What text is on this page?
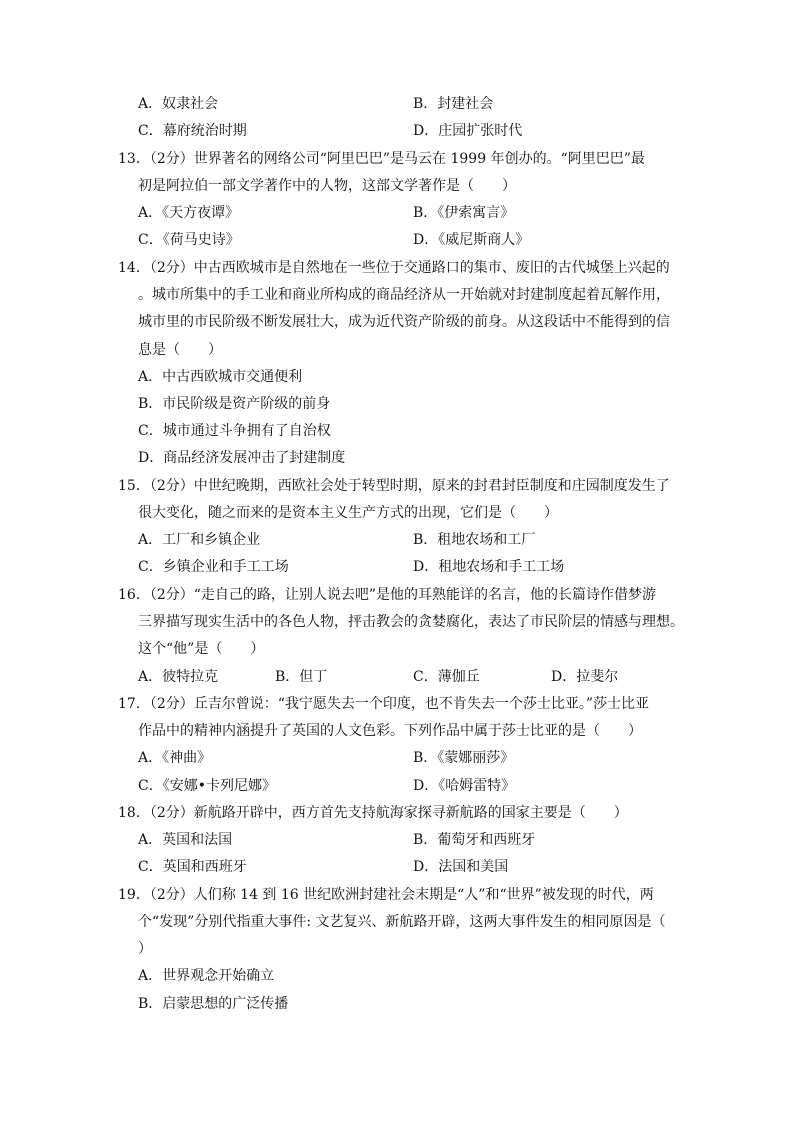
A．奴隶社会	B．封建社会
C．幕府统治时期	D．庄园扩张时代
13．（2分）世界著名的网络公司“阿里巴巴”是马云在 1999 年创办的。“阿里巴巴”最
初是阿拉伯一部文学著作中的人物，这部文学著作是（　　）
A．《天方夜谭》	B．《伊索寓言》
C．《荷马史诗》	D．《威尼斯商人》
14．（2分）中古西欧城市是自然地在一些位于交通路口的集市、废旧的古代城堡上兴起的
。城市所集中的手工业和商业所构成的商品经济从一开始就对封建制度起着瓦解作用，
城市里的市民阶级不断发展壮大，成为近代资产阶级的前身。从这段话中不能得到的信
息是（　　）
A．中古西欧城市交通便利
B．市民阶级是资产阶级的前身
C．城市通过斗争拥有了自治权
D．商品经济发展冲击了封建制度
15．（2分）中世纪晚期，西欧社会处于转型时期，原来的封君封臣制度和庄园制度发生了
很大变化，随之而来的是资本主义生产方式的出现，它们是（　　）
A．工厂和乡镇企业	B．租地农场和工厂
C．乡镇企业和手工工场	D．租地农场和手工工场
16．（2分）“走自己的路，让别人说去吧”是他的耳熟能详的名言，他的长篇诗作借梦游
三界描写现实生活中的各色人物，抨击教会的贪婪腐化，表达了市民阶层的情感与理想。
这个“他”是（　　）
A．彼特拉克	B．但丁	C．薄伽丘	D．拉斐尔
17．（2分）丘吉尔曾说：“我宁愿失去一个印度，也不肯失去一个莎士比亚。”莎士比亚
作品中的精神内涵提升了英国的人文色彩。下列作品中属于莎士比亚的是（　　）
A．《神曲》	B．《蒙娜丽莎》
C．《安娜•卡列尼娜》	D．《哈姆雷特》
18．（2分）新航路开辟中，西方首先支持航海家探寻新航路的国家主要是（　　）
A．英国和法国	B．葡萄牙和西班牙
C．英国和西班牙	D．法国和美国
19．（2分）人们称 14 到 16 世纪欧洲封建社会末期是“人”和“世界”被发现的时代，两
个“发现”分别代指重大事件: 文艺复兴、新航路开辟，这两大事件发生的相同原因是（
）
A．世界观念开始确立
B．启蒙思想的广泛传播
